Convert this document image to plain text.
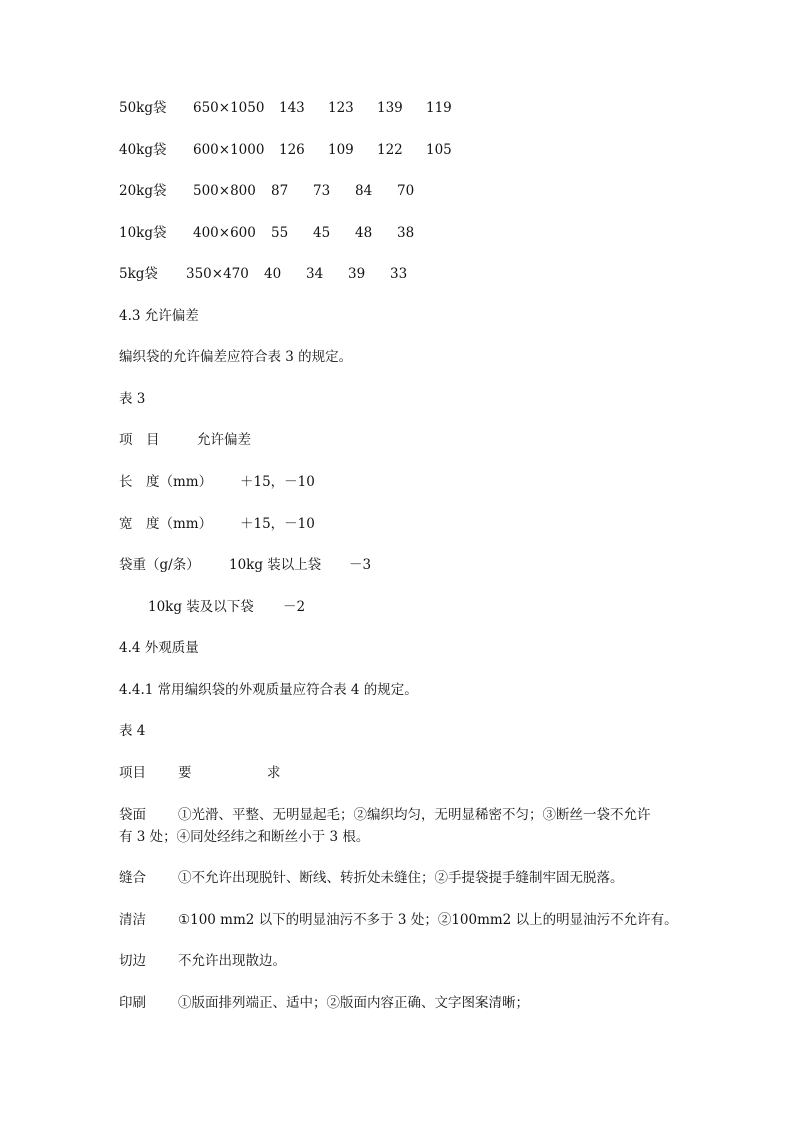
50kg袋 650×1050 143 123 139 119
40kg袋 600×1000 126 109 122 105
20kg袋 500×800 87 73 84 70
10kg袋 400×600 55 45 48 38
5kg袋 350×470 40 34 39 33
4.3 允许偏差
编织袋的允许偏差应符合表 3 的规定。
表 3
项　目	允许偏差
长　度（mm） ＋15，－10
宽　度（mm） ＋15，－10
袋重（g/条） 10kg 装以上袋 －3
10kg 装及以下袋 －2
4.4 外观质量
4.4.1 常用编织袋的外观质量应符合表 4 的规定。
表 4
项目 要	求
袋面 ①光滑、平整、无明显起毛；②编织均匀，无明显稀密不匀；③断丝一袋不允许
有 3 处；④同处经纬之和断丝小于 3 根。
缝合 ①不允许出现脱针、断线、转折处未缝住；②手提袋提手缝制牢固无脱落。
清洁 ①100 mm2 以下的明显油污不多于 3 处；②100mm2 以上的明显油污不允许有。
切边 不允许出现散边。
印刷 ①版面排列端正、适中；②版面内容正确、文字图案清晰；
